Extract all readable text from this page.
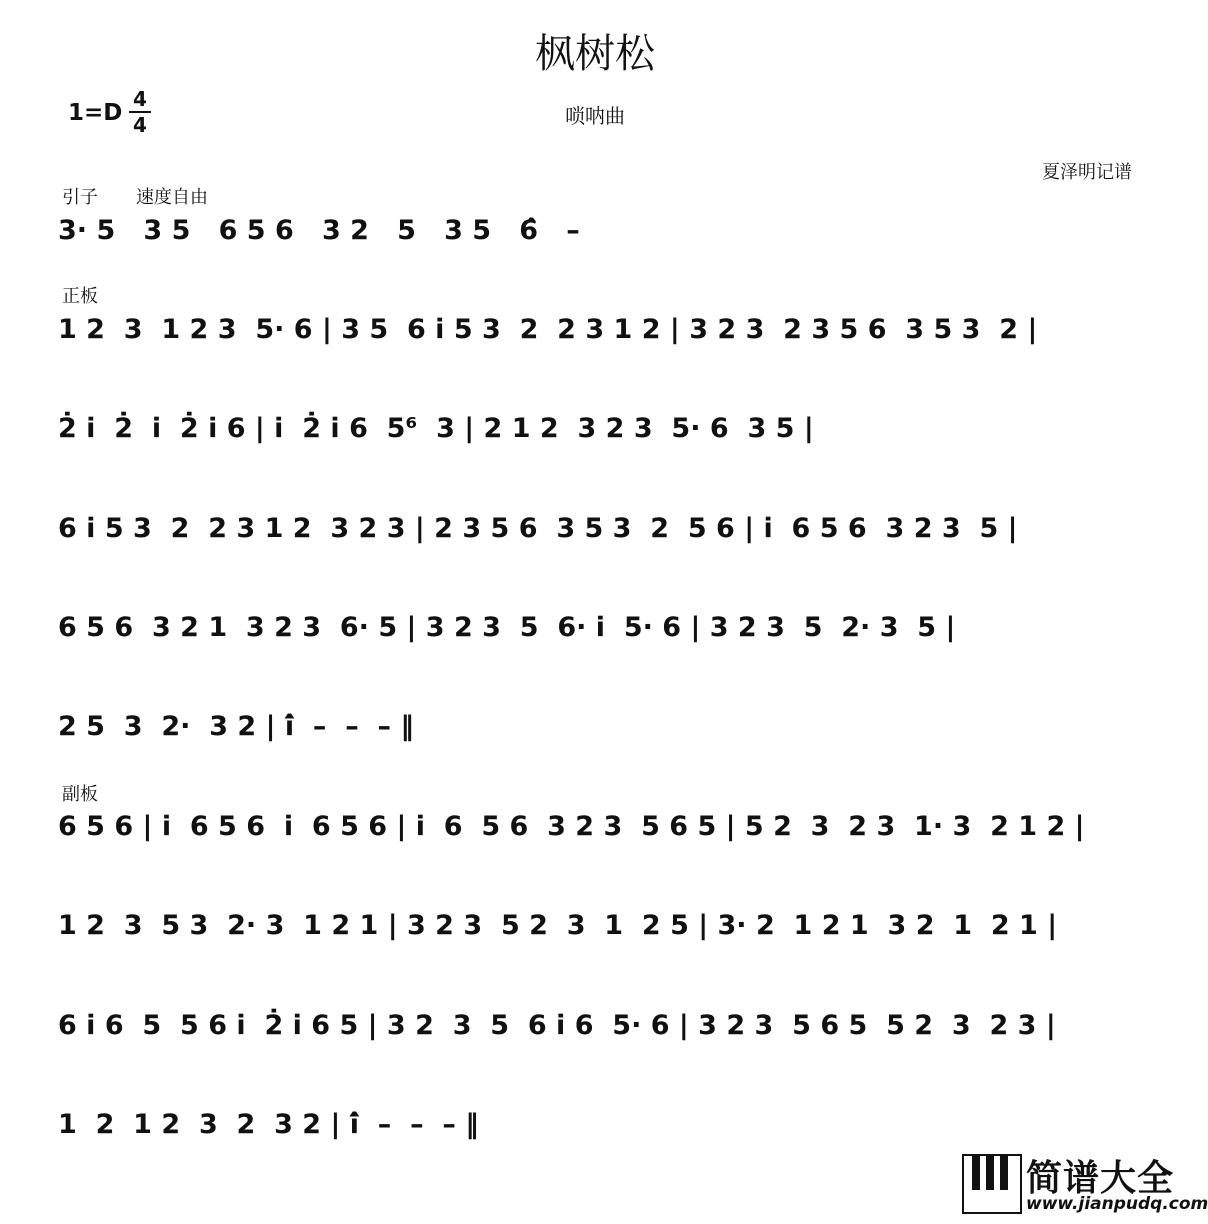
枫树松
1=D
4
4	唢呐曲
夏泽明记谱
引子 速度自由
3· 5   3 5   6 5 6   3 2   5   3 5   6̂   –
正板
1 2  3  1 2 3  5· 6 | 3 5  6 i̇ 5 3  2  2 3 1 2 | 3 2 3  2 3 5 6  3 5 3  2 |
2̇ i̇  2̇  i̇  2̇ i̇ 6 | i̇  2̇ i̇ 6  5⁶  3 | 2 1 2  3 2 3  5· 6  3 5 |
6 i̇ 5 3  2  2 3 1 2  3 2 3 | 2 3 5 6  3 5 3  2  5 6 | i̇  6 5 6  3 2 3  5 |
6 5 6  3 2 1  3 2 3  6· 5 | 3 2 3  5  6· i̇  5· 6 | 3 2 3  5  2· 3  5 |
2 5  3  2·  3 2 | i̇̂  –  –  – ‖
副板
6 5 6 | i̇  6 5 6  i̇  6 5 6 | i̇  6  5 6  3 2 3  5 6 5 | 5 2  3  2 3  1· 3  2 1 2 |
1 2  3  5 3  2· 3  1 2 1 | 3 2 3  5 2  3  1  2 5 | 3· 2  1 2 1  3 2  1  2 1 |
6 i̇ 6  5  5 6 i̇  2̇ i̇ 6 5 | 3 2  3  5  6 i̇ 6  5· 6 | 3 2 3  5 6 5  5 2  3  2 3 |
1  2  1 2  3  2  3 2 | i̇̂  –  –  – ‖
简谱大全
www.jianpudq.com
